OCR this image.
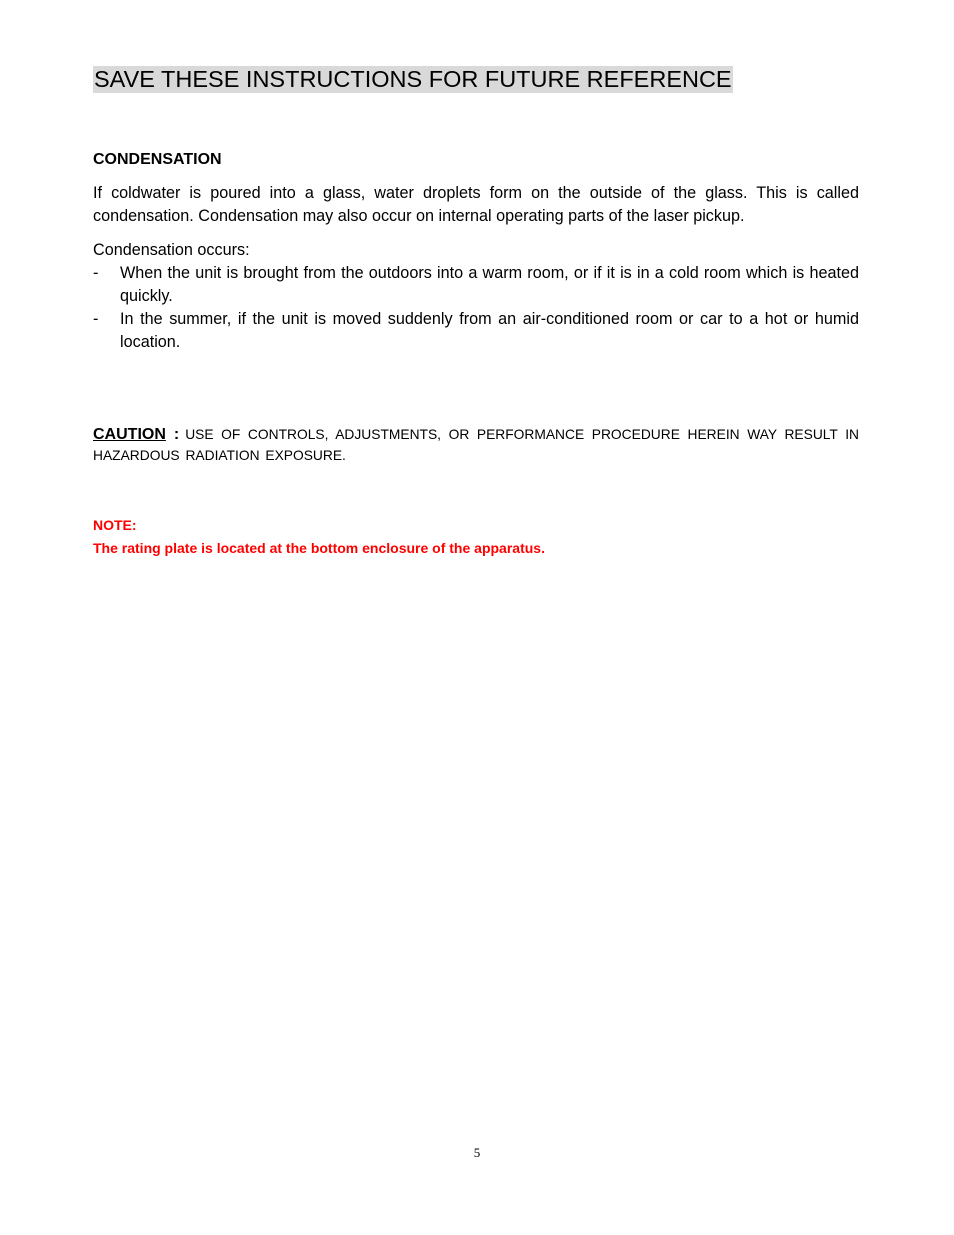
SAVE THESE INSTRUCTIONS FOR FUTURE REFERENCE
CONDENSATION
If coldwater is poured into a glass, water droplets form on the outside of the glass. This is called condensation. Condensation may also occur on internal operating parts of the laser pickup.
Condensation occurs:
- When the unit is brought from the outdoors into a warm room, or if it is in a cold room which is heated quickly.
- In the summer, if the unit is moved suddenly from an air-conditioned room or car to a hot or humid location.
CAUTION : USE OF CONTROLS, ADJUSTMENTS, OR PERFORMANCE PROCEDURE HEREIN WAY RESULT IN HAZARDOUS RADIATION EXPOSURE.
NOTE:
The rating plate is located at the bottom enclosure of the apparatus.
5
